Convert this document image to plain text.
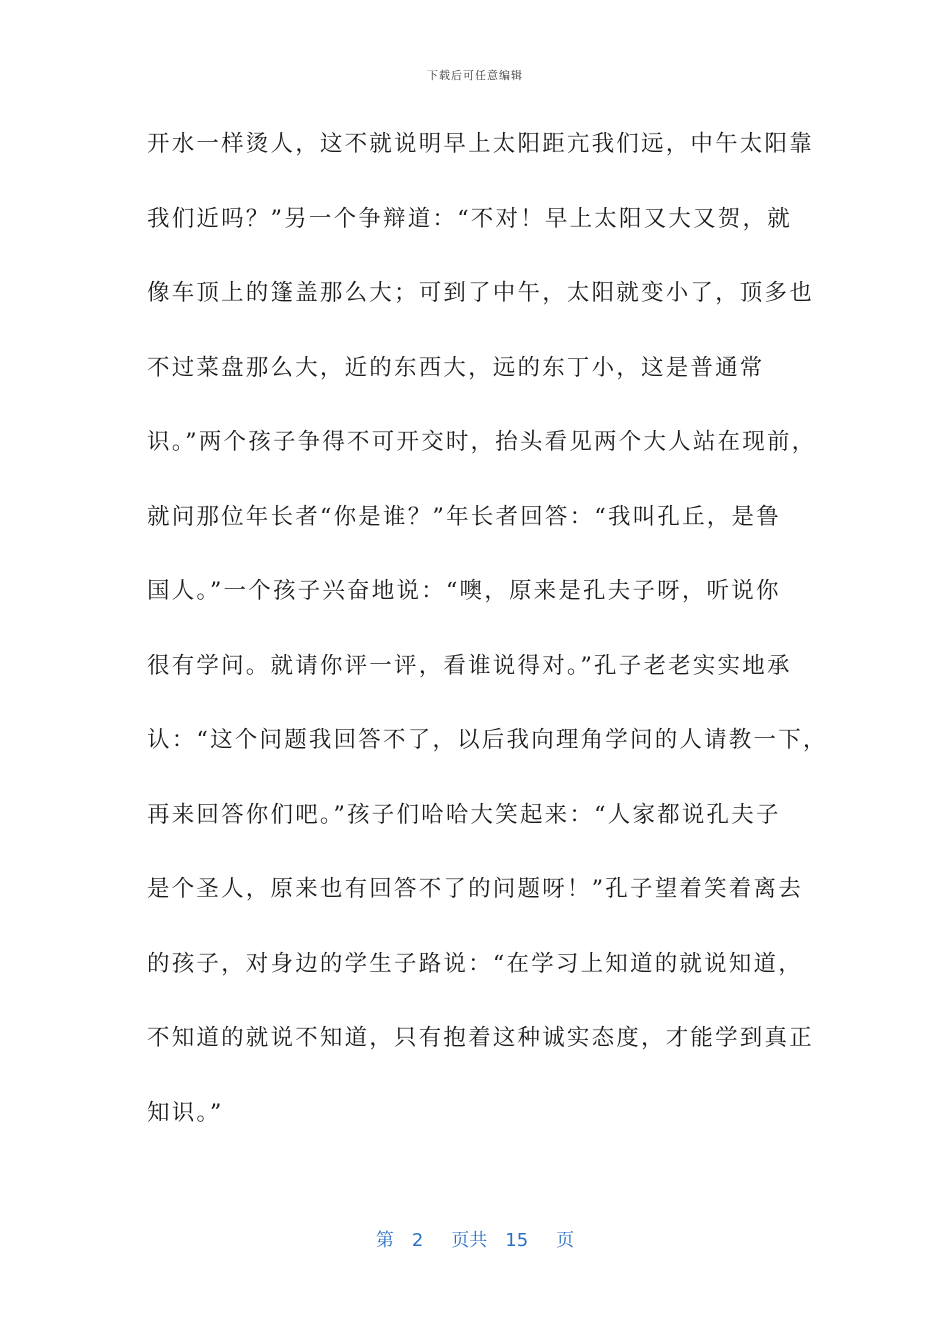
下载后可任意编辑
开水一样烫人，这不就说明早上太阳距亢我们远，中午太阳靠
我们近吗？”另一个争辩道：“不对！早上太阳又大又贺，就
像车顶上的篷盖那么大；可到了中午，太阳就变小了，顶多也
不过菜盘那么大，近的东西大，远的东丁小，这是普通常
识。”两个孩子争得不可开交时，抬头看见两个大人站在现前，
就问那位年长者“你是谁？”年长者回答：“我叫孔丘，是鲁
国人。”一个孩子兴奋地说：“噢，原来是孔夫子呀，听说你
很有学问。就请你评一评，看谁说得对。”孔子老老实实地承
认：“这个问题我回答不了，以后我向理角学问的人请教一下，
再来回答你们吧。”孩子们哈哈大笑起来：“人家都说孔夫子
是个圣人，原来也有回答不了的问题呀！”孔子望着笑着离去
的孩子，对身边的学生子路说：“在学习上知道的就说知道，
不知道的就说不知道，只有抱着这种诚实态度，才能学到真正
知识。”
第 2 页共 15 页
